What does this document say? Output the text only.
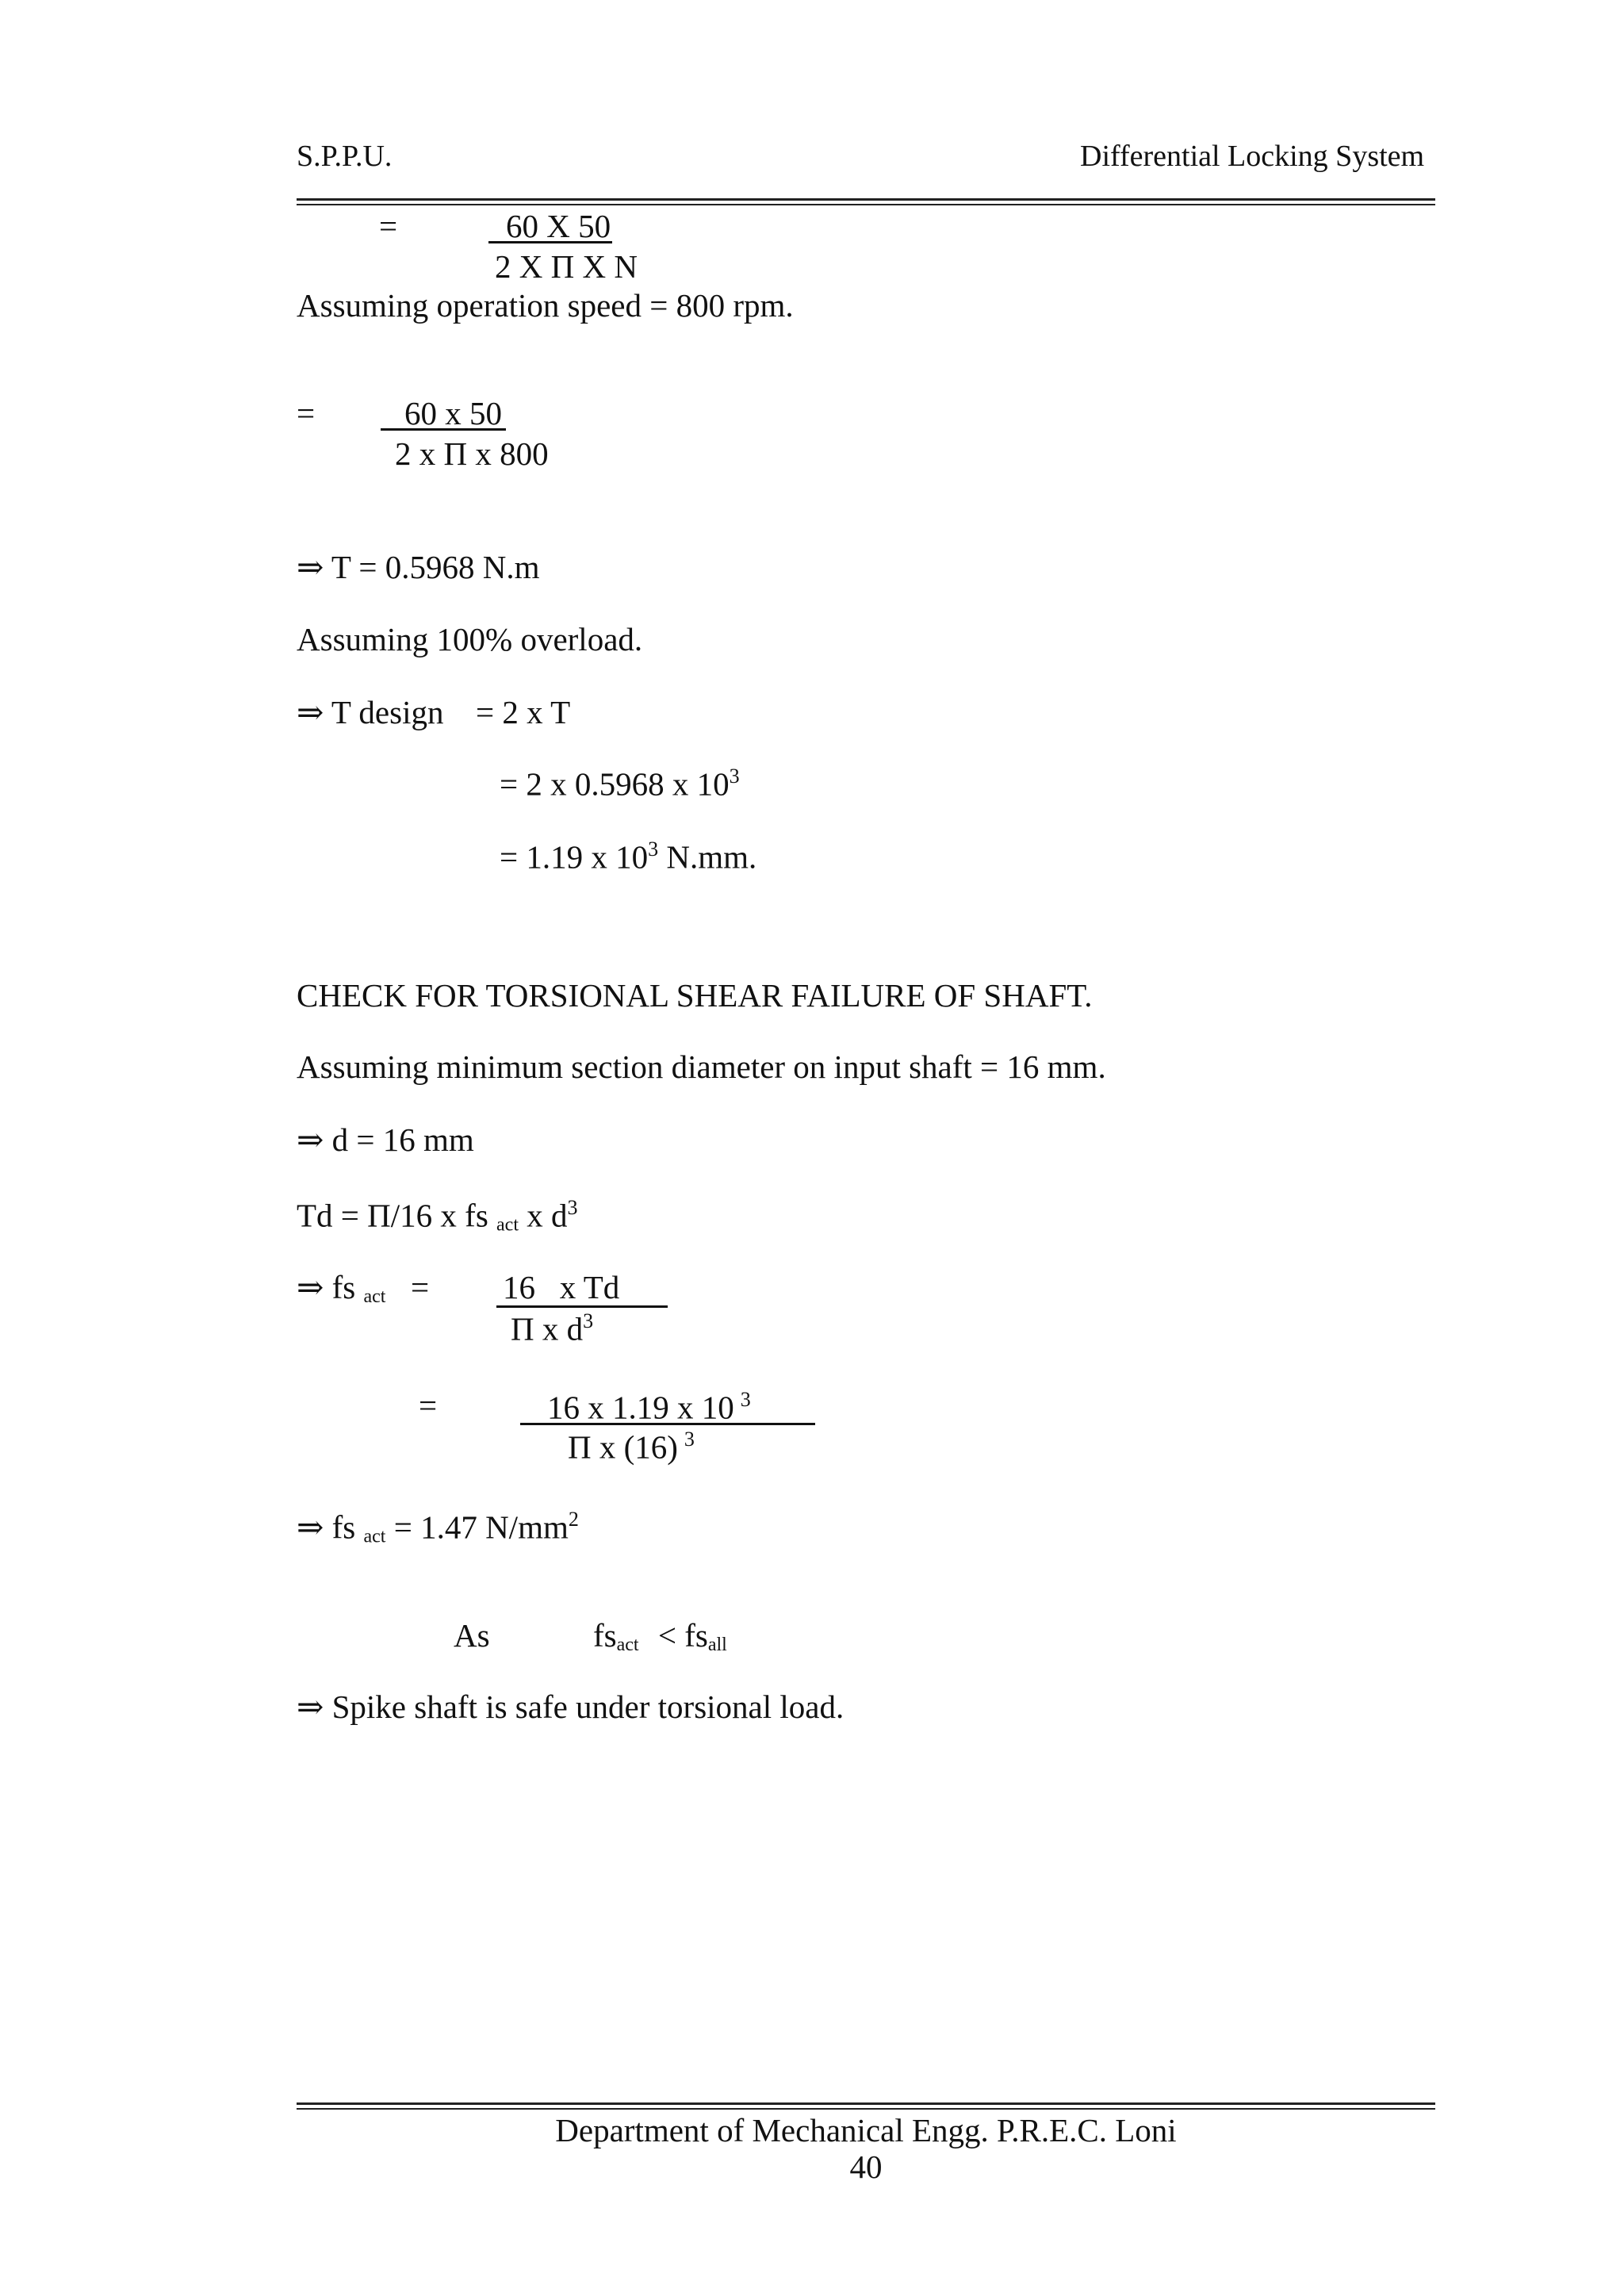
S.P.P.U.	Differential Locking System
=	60 X 50
2 X Π X N
Assuming operation speed = 800 rpm.
=	60 x 50
2 x Π x 800
⇒ T = 0.5968 N.m
Assuming 100% overload.
⇒ T design = 2 x T
= 2 x 0.5968 x $10^3$
= 1.19 x $10^3$ N.mm.
CHECK FOR TORSIONAL SHEAR FAILURE OF SHAFT.
Assuming minimum section diameter on input shaft = 16 mm.
⇒ d = 16 mm
Td = Π/16 x fs act x $d^3$
⇒ fs act = 16   x Td
Π x $d^3$
=	16 x 1.19 x 10 $^3$
Π x (16) $^3$
⇒ fs act = 1.47 $N/mm^2$
As	fsact < fsall
⇒ Spike shaft is safe under torsional load.
Department of Mechanical Engg. P.R.E.C. Loni
40
